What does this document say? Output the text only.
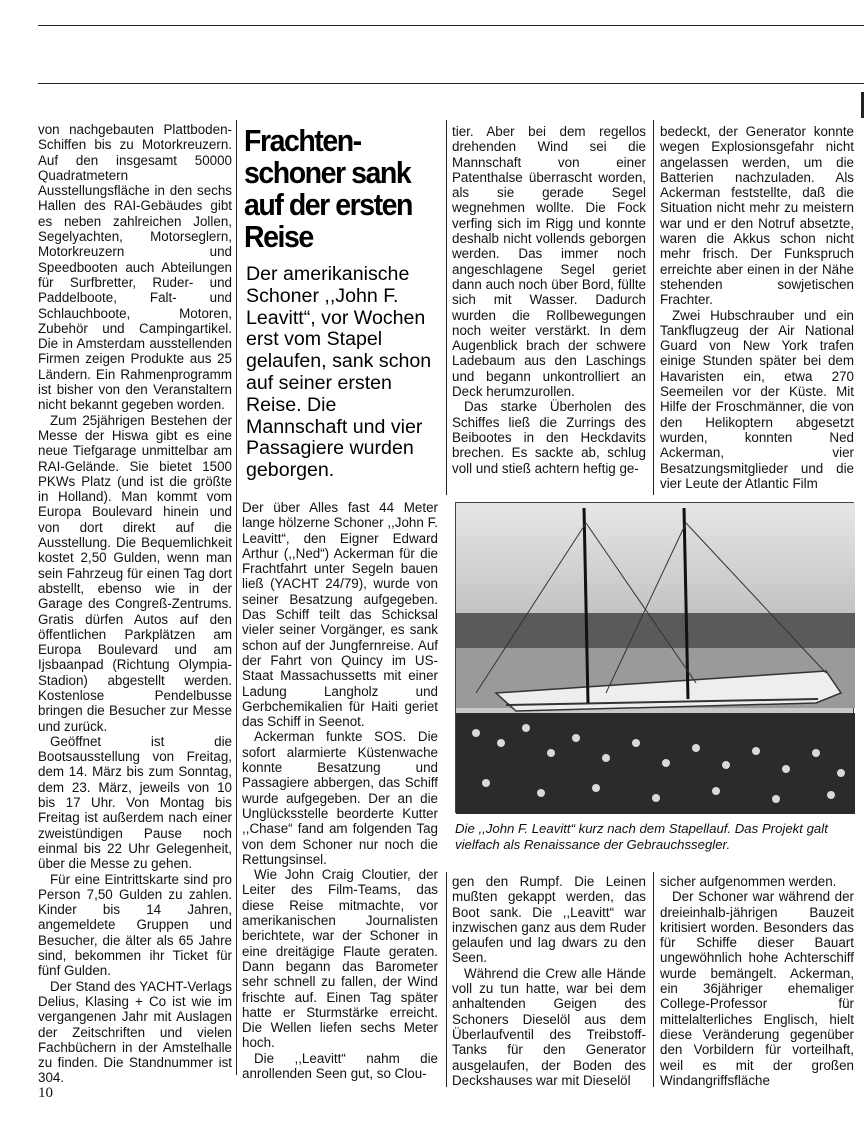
von nachgebauten Plattboden-Schiffen bis zu Motorkreuzern. Auf den insgesamt 50000 Quadratmetern Ausstellungsfläche in den sechs Hallen des RAI-Gebäudes gibt es neben zahlreichen Jollen, Segelyachten, Motorseglern, Motorkreuzern und Speedbooten auch Abteilungen für Surfbretter, Ruder- und Paddelboote, Falt- und Schlauchboote, Motoren, Zubehör und Campingartikel. Die in Amsterdam ausstellenden Firmen zeigen Produkte aus 25 Ländern. Ein Rahmenprogramm ist bisher von den Veranstaltern nicht bekannt gegeben worden.

Zum 25jährigen Bestehen der Messe der Hiswa gibt es eine neue Tiefgarage unmittelbar am RAI-Gelände. Sie bietet 1500 PKWs Platz (und ist die größte in Holland). Man kommt vom Europa Boulevard hinein und von dort direkt auf die Ausstellung. Die Bequemlichkeit kostet 2,50 Gulden, wenn man sein Fahrzeug für einen Tag dort abstellt, ebenso wie in der Garage des Congreß-Zentrums. Gratis dürfen Autos auf den öffentlichen Parkplätzen am Europa Boulevard und am Ijsbaanpad (Richtung Olympia-Stadion) abgestellt werden. Kostenlose Pendelbusse bringen die Besucher zur Messe und zurück.

Geöffnet ist die Bootsausstellung von Freitag, dem 14. März bis zum Sonntag, dem 23. März, jeweils von 10 bis 17 Uhr. Von Montag bis Freitag ist außerdem nach einer zweistündigen Pause noch einmal bis 22 Uhr Gelegenheit, über die Messe zu gehen.

Für eine Eintrittskarte sind pro Person 7,50 Gulden zu zahlen. Kinder bis 14 Jahren, angemeldete Gruppen und Besucher, die älter als 65 Jahre sind, bekommen ihr Ticket für fünf Gulden.

Der Stand des YACHT-Verlags Delius, Klasing + Co ist wie im vergangenen Jahr mit Auslagen der Zeitschriften und vielen Fachbüchern in der Amstelhalle zu finden. Die Standnummer ist 304.

Frachten-schoner sank auf der ersten Reise
Der amerikanische Schoner ,,John F. Leavitt“, vor Wochen erst vom Stapel gelaufen, sank schon auf seiner ersten Reise. Die Mannschaft und vier Passagiere wurden geborgen.

Der über Alles fast 44 Meter lange hölzerne Schoner ,,John F. Leavitt“, den Eigner Edward Arthur (,,Ned“) Ackerman für die Frachtfahrt unter Segeln bauen ließ (YACHT 24/79), wurde von seiner Besatzung aufgegeben. Das Schiff teilt das Schicksal vieler seiner Vorgänger, es sank schon auf der Jungfernreise. Auf der Fahrt von Quincy im US-Staat Massachussetts mit einer Ladung Langholz und Gerbchemikalien für Haiti geriet das Schiff in Seenot.

Ackerman funkte SOS. Die sofort alarmierte Küstenwache konnte Besatzung und Passagiere abbergen, das Schiff wurde aufgegeben. Der an die Unglücksstelle beorderte Kutter ,,Chase“ fand am folgenden Tag von dem Schoner nur noch die Rettungsinsel.

Wie John Craig Cloutier, der Leiter des Film-Teams, das diese Reise mitmachte, vor amerikanischen Journalisten berichtete, war der Schoner in eine dreitägige Flaute geraten. Dann begann das Barometer sehr schnell zu fallen, der Wind frischte auf. Einen Tag später hatte er Sturmstärke erreicht. Die Wellen liefen sechs Meter hoch.

Die ,,Leavitt“ nahm die anrollenden Seen gut, so Clou-

tier. Aber bei dem regellos drehenden Wind sei die Mannschaft von einer Patenthalse überrascht worden, als sie gerade Segel wegnehmen wollte. Die Fock verfing sich im Rigg und konnte deshalb nicht vollends geborgen werden. Das immer noch angeschlagene Segel geriet dann auch noch über Bord, füllte sich mit Wasser. Dadurch wurden die Rollbewegungen noch weiter verstärkt. In dem Augenblick brach der schwere Ladebaum aus den Laschings und begann unkontrolliert an Deck herumzurollen.

Das starke Überholen des Schiffes ließ die Zurrings des Beibootes in den Heckdavits brechen. Es sackte ab, schlug voll und stieß achtern heftig ge-

bedeckt, der Generator konnte wegen Explosionsgefahr nicht angelassen werden, um die Batterien nachzuladen. Als Ackerman feststellte, daß die Situation nicht mehr zu meistern war und er den Notruf absetzte, waren die Akkus schon nicht mehr frisch. Der Funkspruch erreichte aber einen in der Nähe stehenden sowjetischen Frachter.

Zwei Hubschrauber und ein Tankflugzeug der Air National Guard von New York trafen einige Stunden später bei dem Havaristen ein, etwa 270 Seemeilen vor der Küste. Mit Hilfe der Froschmänner, die von den Helikoptern abgesetzt wurden, konnten Ned Ackerman, vier Besatzungsmitglieder und die vier Leute der Atlantic Film

Die ,,John F. Leavitt“ kurz nach dem Stapellauf. Das Projekt galt vielfach als Renaissance der Gebrauchssegler.

gen den Rumpf. Die Leinen mußten gekappt werden, das Boot sank. Die ,,Leavitt“ war inzwischen ganz aus dem Ruder gelaufen und lag dwars zu den Seen.

Während die Crew alle Hände voll zu tun hatte, war bei dem anhaltenden Geigen des Schoners Dieselöl aus dem Überlaufventil des Treibstoff-Tanks für den Generator ausgelaufen, der Boden des Deckshauses war mit Dieselöl

sicher aufgenommen werden.

Der Schoner war während der dreieinhalb-jährigen Bauzeit kritisiert worden. Besonders das für Schiffe dieser Bauart ungewöhnlich hohe Achterschiff wurde bemängelt. Ackerman, ein 36jähriger ehemaliger College-Professor für mittelalterliches Englisch, hielt diese Veränderung gegenüber den Vorbildern für vorteilhaft, weil es mit der großen Windangriffsfläche

10
